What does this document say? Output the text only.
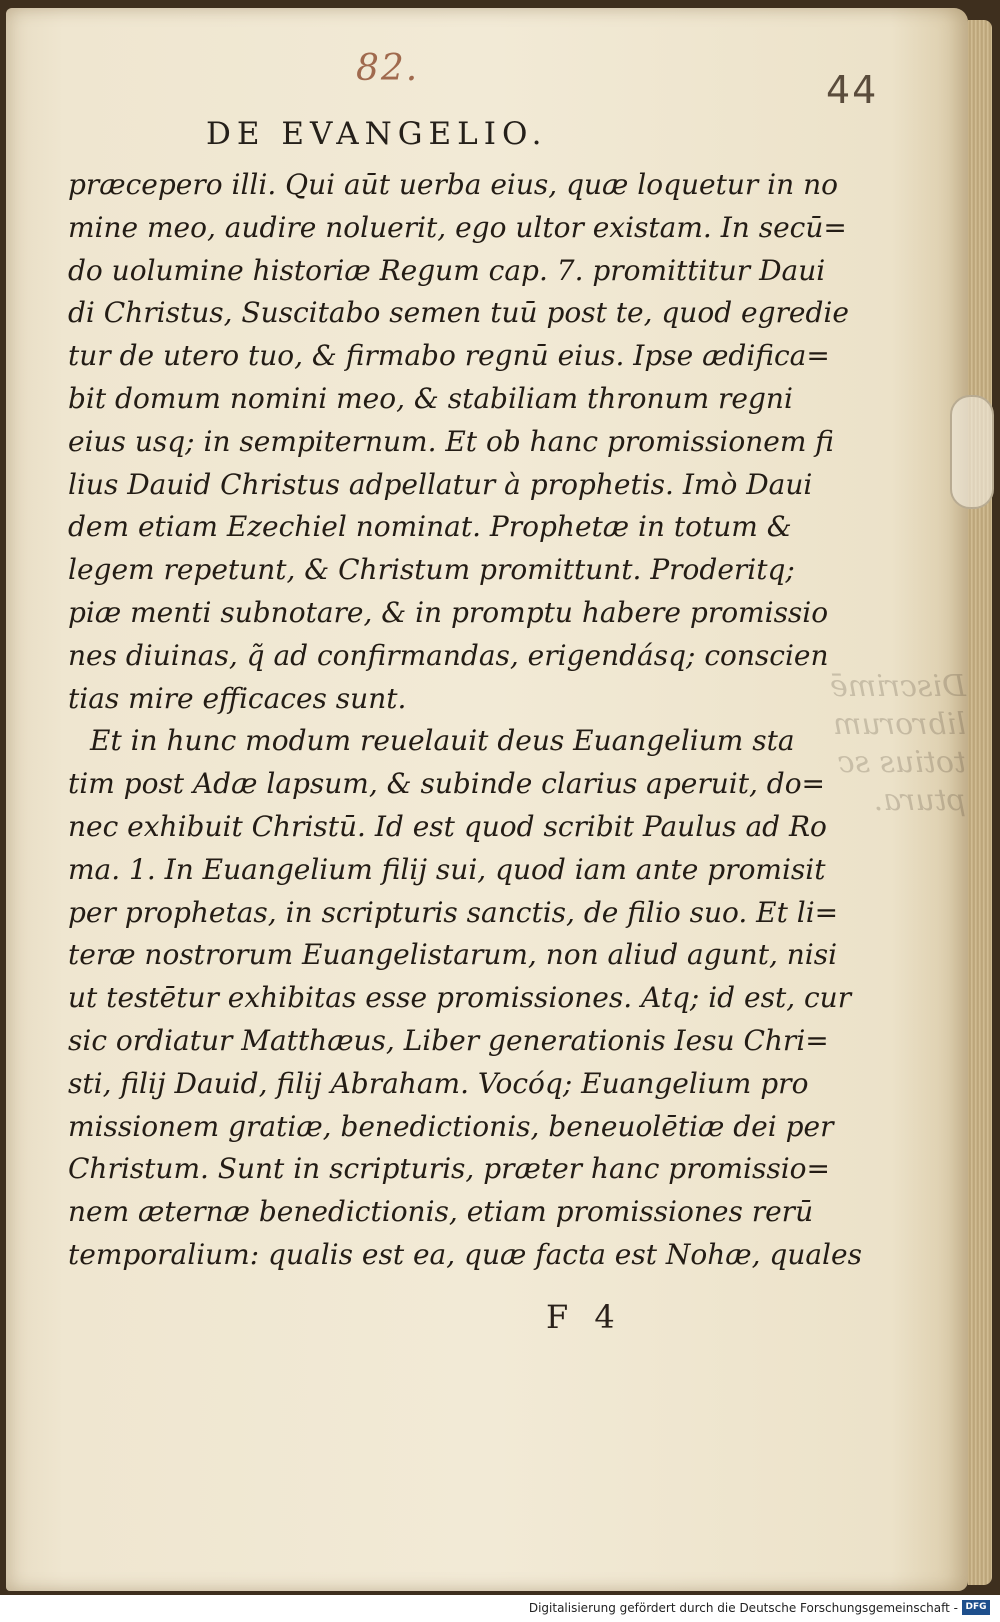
82.	44
DE EVANGELIO.
Discrimē
librorum
totius sc
ptura.
præcepero illi. Qui aūt uerba eius, quæ loquetur in no
mine meo, audire noluerit, ego ultor existam. In secū=
do uolumine historiæ Regum cap. 7. promittitur Daui
di Christus, Suscitabo semen tuū post te, quod egredie
tur de utero tuo, & firmabo regnū eius. Ipse ædifica=
bit domum nomini meo, & stabiliam thronum regni
eius usq; in sempiternum. Et ob hanc promissionem fi
lius Dauid Christus adpellatur à prophetis. Imò Daui
dem etiam Ezechiel nominat. Prophetæ in totum &
legem repetunt, & Christum promittunt. Proderitq;
piæ menti subnotare, & in promptu habere promissio
nes diuinas, q̃ ad confirmandas, erigendásq; conscien
tias mire efficaces sunt.
Et in hunc modum reuelauit deus Euangelium sta
tim post Adæ lapsum, & subinde clarius aperuit, do=
nec exhibuit Christū. Id est quod scribit Paulus ad Ro
ma. 1. In Euangelium filij sui, quod iam ante promisit
per prophetas, in scripturis sanctis, de filio suo. Et li=
teræ nostrorum Euangelistarum, non aliud agunt, nisi
ut testētur exhibitas esse promissiones. Atq; id est, cur
sic ordiatur Matthæus, Liber generationis Iesu Chri=
sti, filij Dauid, filij Abraham. Vocóq; Euangelium pro
missionem gratiæ, benedictionis, beneuolētiæ dei per
Christum. Sunt in scripturis, præter hanc promissio=
nem æternæ benedictionis, etiam promissiones rerū
temporalium: qualis est ea, quæ facta est Nohæ, quales
F 4
Digitalisierung gefördert durch die Deutsche Forschungsgemeinschaft - DFG
